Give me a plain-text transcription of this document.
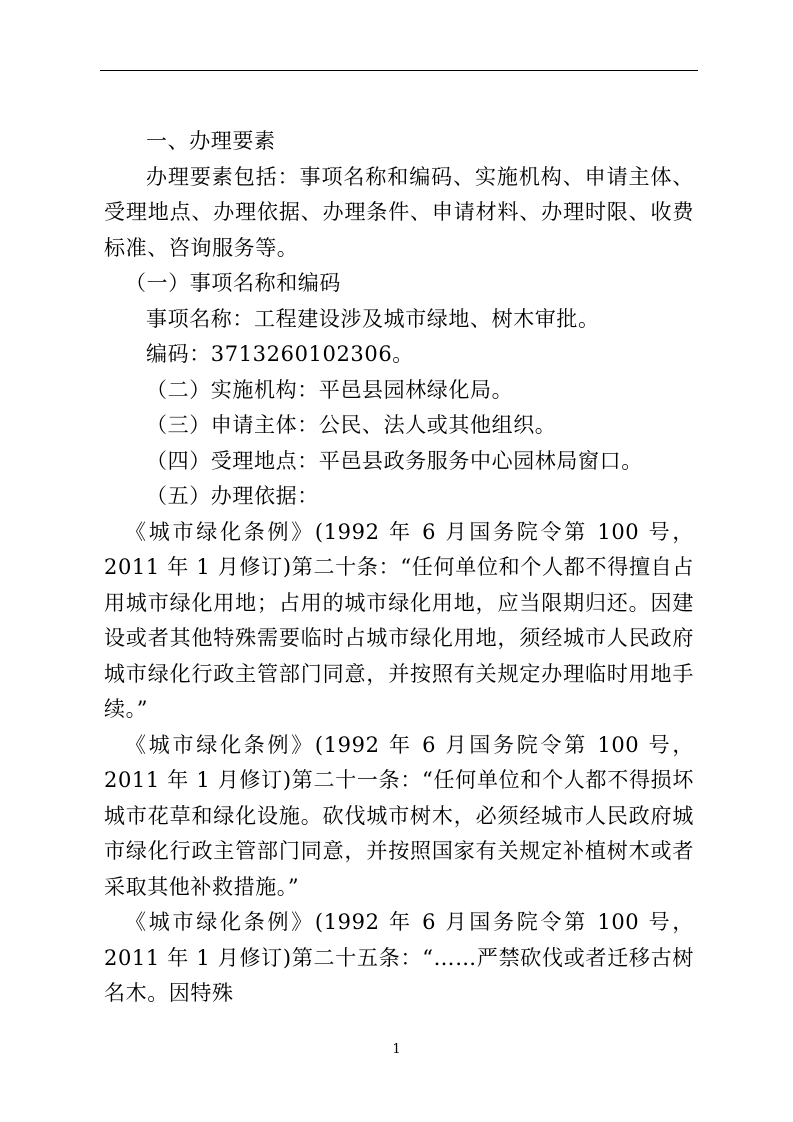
一、办理要素

办理要素包括：事项名称和编码、实施机构、申请主体、受理地点、办理依据、办理条件、申请材料、办理时限、收费标准、咨询服务等。

（一）事项名称和编码

事项名称：工程建设涉及城市绿地、树木审批。

编码：3713260102306。

（二）实施机构：平邑县园林绿化局。

（三）申请主体：公民、法人或其他组织。

（四）受理地点：平邑县政务服务中心园林局窗口。

（五）办理依据：

《城市绿化条例》(1992 年 6 月国务院令第 100 号，2011 年 1 月修订)第二十条：“任何单位和个人都不得擅自占用城市绿化用地；占用的城市绿化用地，应当限期归还。因建设或者其他特殊需要临时占城市绿化用地，须经城市人民政府城市绿化行政主管部门同意，并按照有关规定办理临时用地手续。”

《城市绿化条例》(1992 年 6 月国务院令第 100 号，2011 年 1 月修订)第二十一条：“任何单位和个人都不得损坏城市花草和绿化设施。砍伐城市树木，必须经城市人民政府城市绿化行政主管部门同意，并按照国家有关规定补植树木或者采取其他补救措施。”

《城市绿化条例》(1992 年 6 月国务院令第 100 号，2011 年 1 月修订)第二十五条：“……严禁砍伐或者迁移古树名木。因特殊

1
